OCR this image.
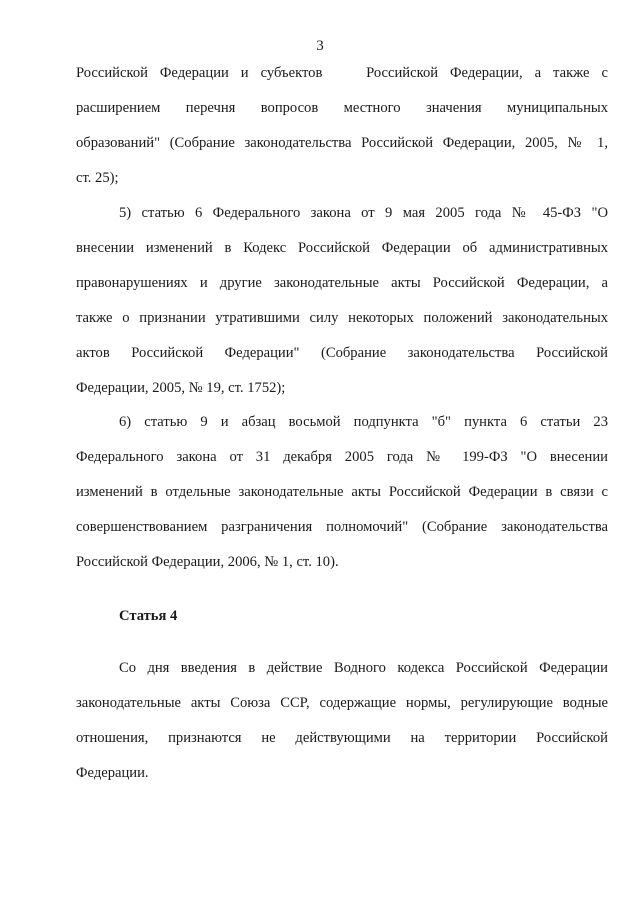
3
Российской Федерации и субъектов   Российской Федерации, а также с
расширением перечня вопросов местного значения муниципальных
образований" (Собрание законодательства Российской Федерации, 2005, № 1,
ст. 25);
5) статью 6 Федерального закона от 9 мая 2005 года № 45-ФЗ "О
внесении изменений в Кодекс Российской Федерации об административных
правонарушениях и другие законодательные акты Российской Федерации, а
также о признании утратившими силу некоторых положений законодательных
актов Российской Федерации" (Собрание законодательства Российской
Федерации, 2005, № 19, ст. 1752);
6) статью 9 и абзац восьмой подпункта "б" пункта 6 статьи 23
Федерального закона от 31 декабря 2005 года № 199-ФЗ "О внесении
изменений в отдельные законодательные акты Российской Федерации в связи с
совершенствованием разграничения полномочий" (Собрание законодательства
Российской Федерации, 2006, № 1, ст. 10).
Статья 4
Со дня введения в действие Водного кодекса Российской Федерации
законодательные акты Союза ССР, содержащие нормы, регулирующие водные
отношения, признаются не действующими на территории Российской
Федерации.
